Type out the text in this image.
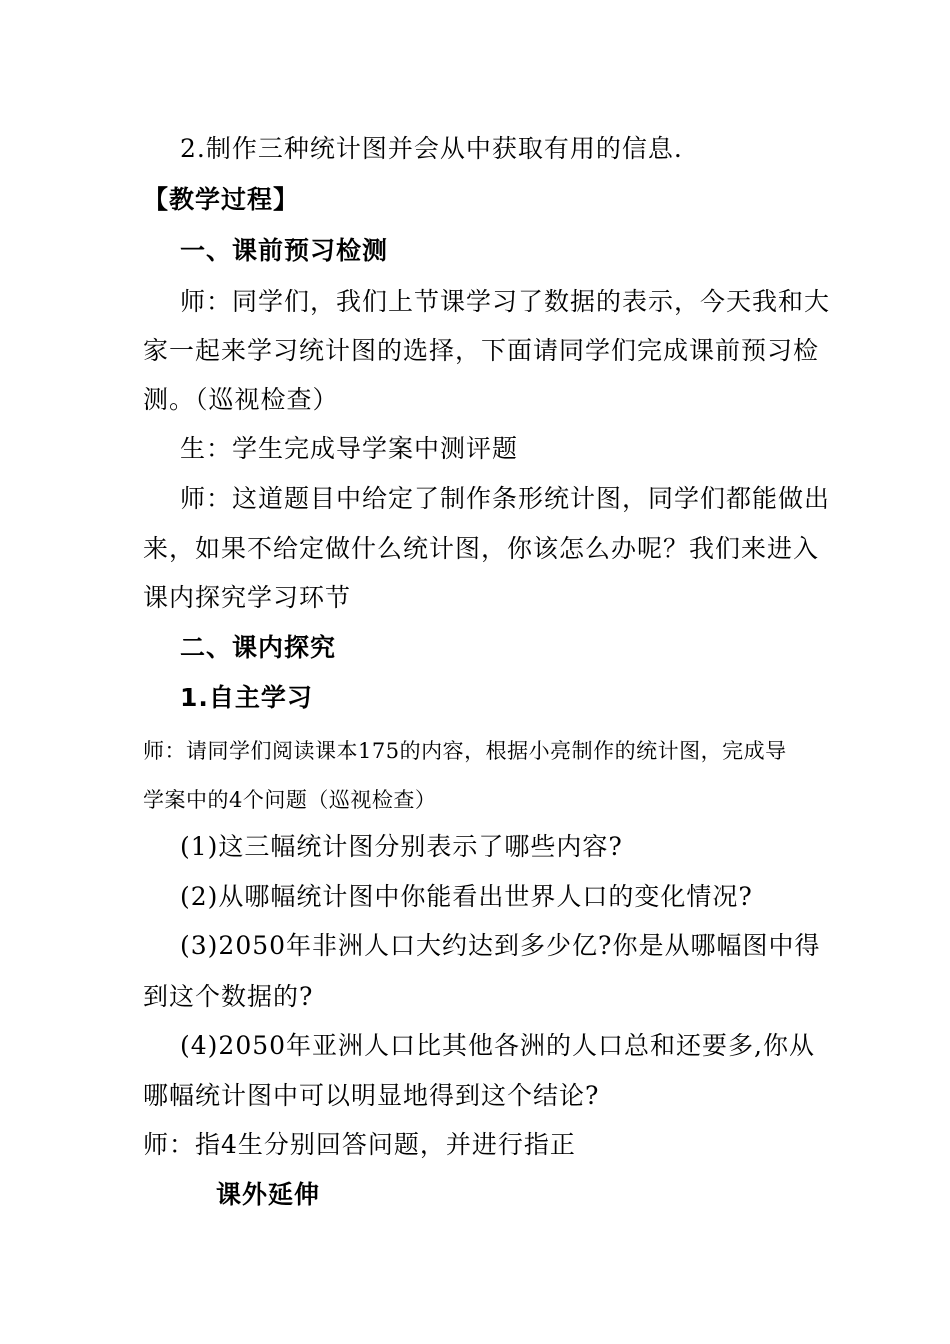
2.制作三种统计图并会从中获取有用的信息.
【教学过程】
一、课前预习检测
师：同学们，我们上节课学习了数据的表示，今天我和大
家一起来学习统计图的选择，下面请同学们完成课前预习检
测。（巡视检查）
生：学生完成导学案中测评题
师：这道题目中给定了制作条形统计图，同学们都能做出
来，如果不给定做什么统计图，你该怎么办呢？我们来进入
课内探究学习环节
二、课内探究
1.自主学习
师：请同学们阅读课本175的内容，根据小亮制作的统计图，完成导
学案中的4个问题（巡视检查）
(1)这三幅统计图分别表示了哪些内容?
(2)从哪幅统计图中你能看出世界人口的变化情况?
(3)2050年非洲人口大约达到多少亿?你是从哪幅图中得
到这个数据的?
(4)2050年亚洲人口比其他各洲的人口总和还要多,你从
哪幅统计图中可以明显地得到这个结论?
师：指4生分别回答问题，并进行指正
课外延伸
